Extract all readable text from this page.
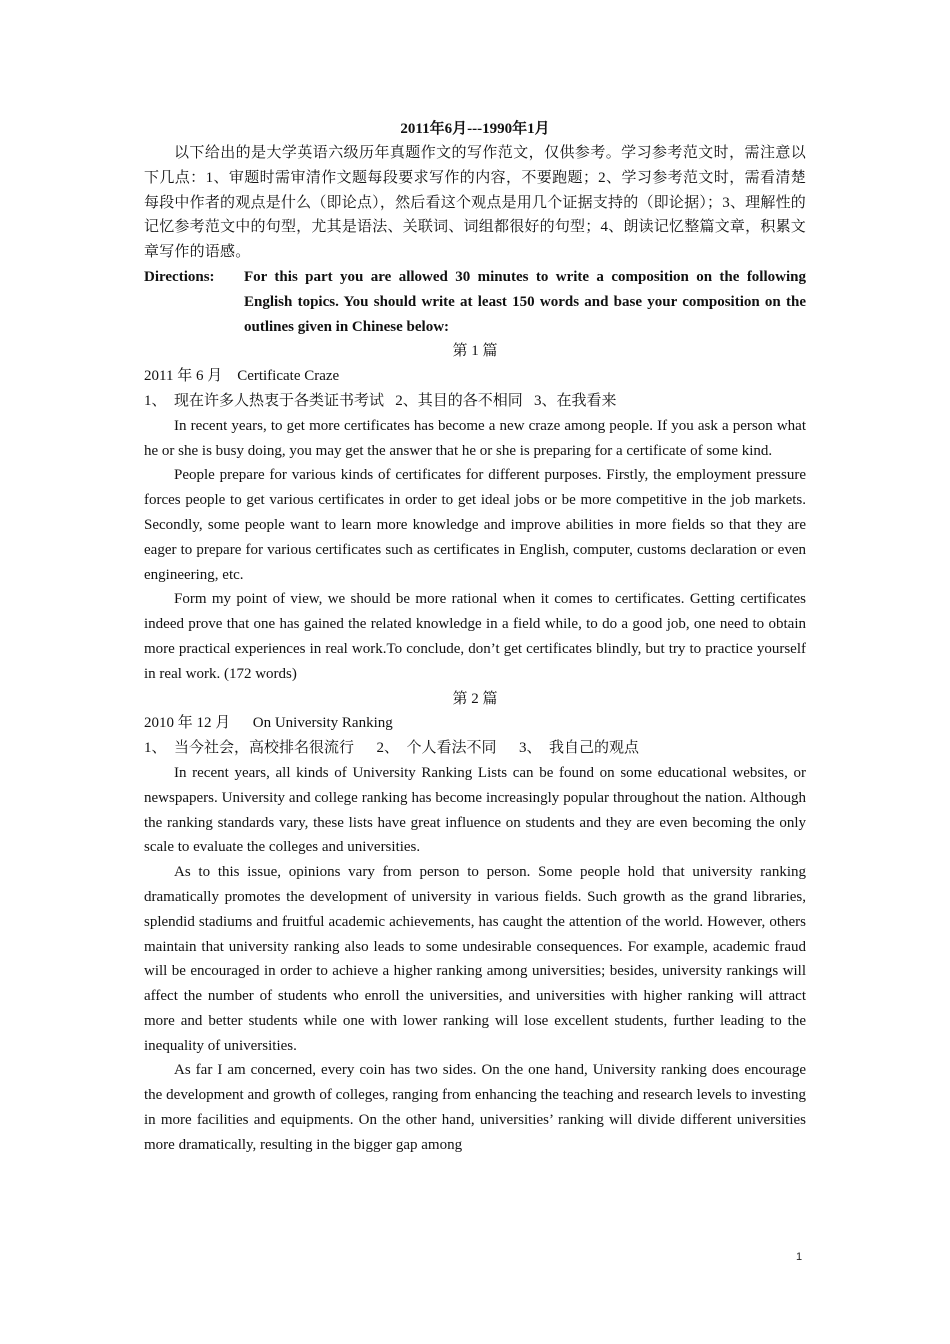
2011年6月---1990年1月

以下给出的是大学英语六级历年真题作文的写作范文，仅供参考。学习参考范文时，需注意以下几点：1、审题时需审清作文题每段要求写作的内容，不要跑题；2、学习参考范文时，需看清楚每段中作者的观点是什么（即论点），然后看这个观点是用几个证据支持的（即论据）；3、理解性的记忆参考范文中的句型，尤其是语法、关联词、词组都很好的句型；4、朗读记忆整篇文章，积累文章写作的语感。

Directions:	For this part you are allowed 30 minutes to write a composition on the following English topics. You should write at least 150 words and base your composition on the outlines given in Chinese below:

第 1 篇

2011 年 6 月    Certificate Craze

1、  现在许多人热衷于各类证书考试   2、其目的各不相同   3、在我看来

In recent years, to get more certificates has become a new craze among people. If you ask a person what he or she is busy doing, you may get the answer that he or she is preparing for a certificate of some kind.

People prepare for various kinds of certificates for different purposes. Firstly, the employment pressure forces people to get various certificates in order to get ideal jobs or be more competitive in the job markets. Secondly, some people want to learn more knowledge and improve abilities in more fields so that they are eager to prepare for various certificates such as certificates in English, computer, customs declaration or even engineering, etc.

Form my point of view, we should be more rational when it comes to certificates. Getting certificates indeed prove that one has gained the related knowledge in a field while, to do a good job, one need to obtain more practical experiences in real work.To conclude, don’t get certificates blindly, but try to practice yourself in real work. (172 words)

第 2 篇

2010 年 12 月      On University Ranking

1、  当今社会，高校排名很流行      2、  个人看法不同      3、  我自己的观点

In recent years, all kinds of University Ranking Lists can be found on some educational websites, or newspapers. University and college ranking has become increasingly popular throughout the nation. Although the ranking standards vary, these lists have great influence on students and they are even becoming the only scale to evaluate the colleges and universities.

As to this issue, opinions vary from person to person. Some people hold that university ranking dramatically promotes the development of university in various fields. Such growth as the grand libraries, splendid stadiums and fruitful academic achievements, has caught the attention of the world. However, others maintain that university ranking also leads to some undesirable consequences. For example, academic fraud will be encouraged in order to achieve a higher ranking among universities; besides, university rankings will affect the number of students who enroll the universities, and universities with higher ranking will attract more and better students while one with lower ranking will lose excellent students, further leading to the inequality of universities.

As far I am concerned, every coin has two sides. On the one hand, University ranking does encourage the development and growth of colleges, ranging from enhancing the teaching and research levels to investing in more facilities and equipments. On the other hand, universities’ ranking will divide different universities more dramatically, resulting in the bigger gap among

1
